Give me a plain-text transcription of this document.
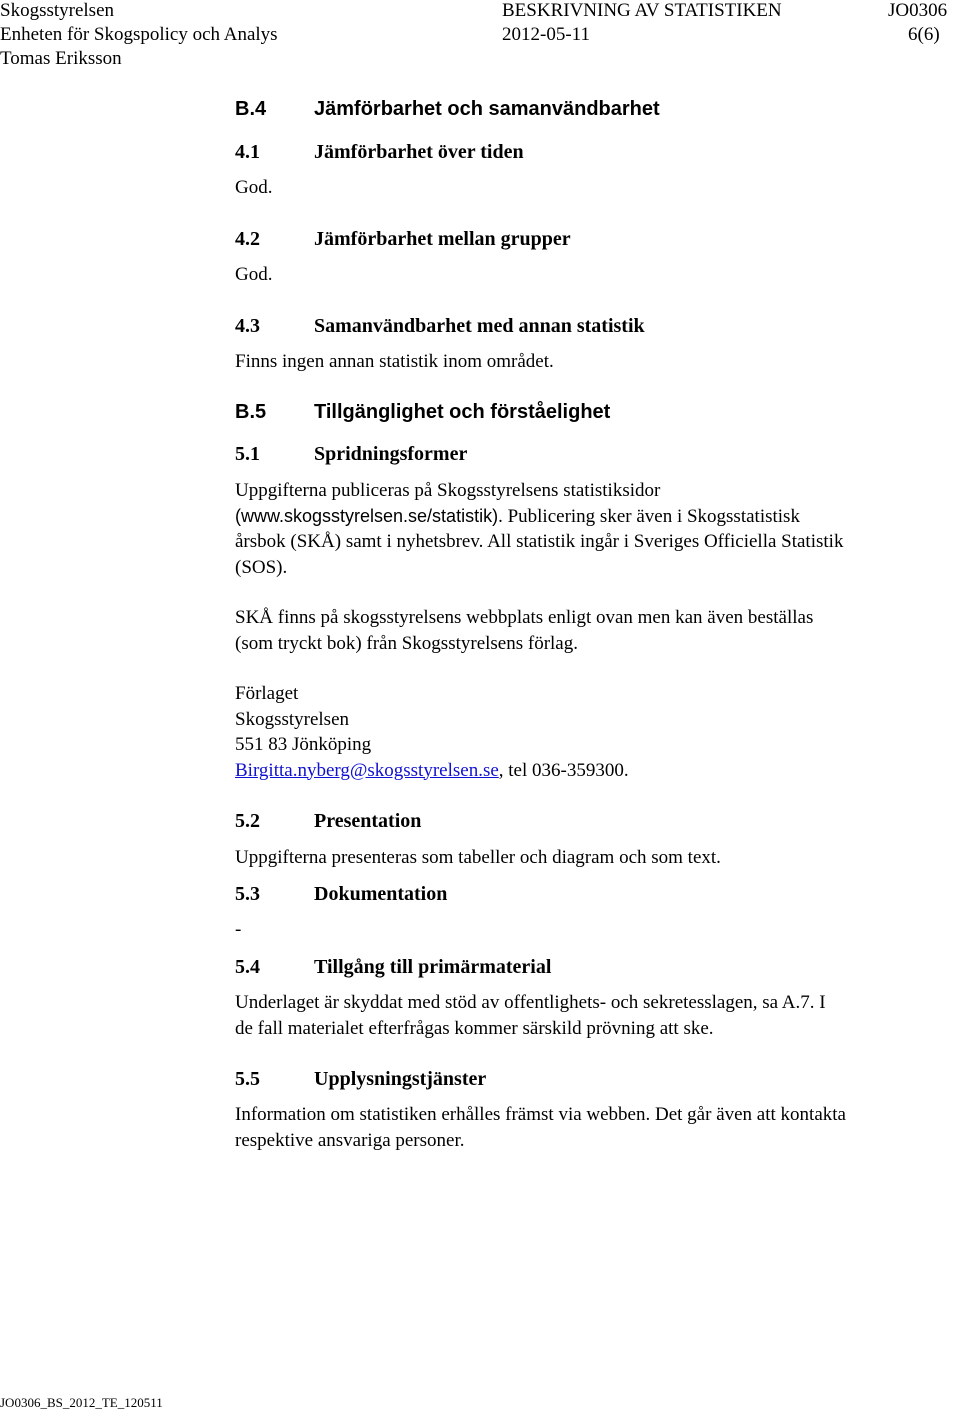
Skogsstyrelsen	BESKRIVNING AV STATISTIKEN	JO0306
Enheten för Skogspolicy och Analys	2012-05-11	6(6)
Tomas Eriksson
B.4 Jämförbarhet och samanvändbarhet
4.1	Jämförbarhet över tiden
God.
4.2	Jämförbarhet mellan grupper
God.
4.3	Samanvändbarhet med annan statistik
Finns ingen annan statistik inom området.
B.5 Tillgänglighet och förståelighet
5.1	Spridningsformer
Uppgifterna publiceras på Skogsstyrelsens statistiksidor
(www.skogsstyrelsen.se/statistik). Publicering sker även i Skogsstatistisk
årsbok (SKÅ) samt i nyhetsbrev. All statistik ingår i Sveriges Officiella Statistik
(SOS).
SKÅ finns på skogsstyrelsens webbplats enligt ovan men kan även beställas
(som tryckt bok) från Skogsstyrelsens förlag.
Förlaget
Skogsstyrelsen
551 83 Jönköping
Birgitta.nyberg@skogsstyrelsen.se, tel 036-359300.
5.2	Presentation
Uppgifterna presenteras som tabeller och diagram och som text.
5.3	Dokumentation
-
5.4	Tillgång till primärmaterial
Underlaget är skyddat med stöd av offentlighets- och sekretesslagen, sa A.7. I
de fall materialet efterfrågas kommer särskild prövning att ske.
5.5	Upplysningstjänster
Information om statistiken erhålles främst via webben. Det går även att kontakta
respektive ansvariga personer.
JO0306_BS_2012_TE_120511
